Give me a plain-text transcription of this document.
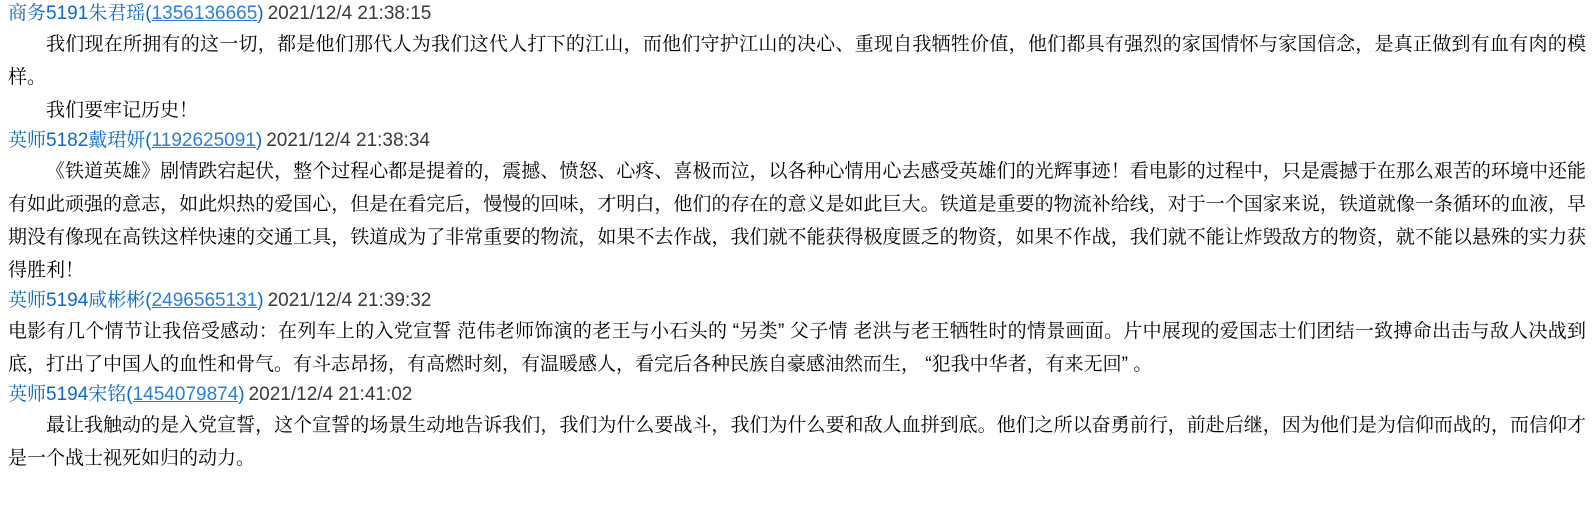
商务5191朱君瑶(1356136665) 2021/12/4 21:38:15

我们现在所拥有的这一切，都是他们那代人为我们这代人打下的江山，而他们守护江山的决心、重现自我牺牲价值，他们都具有强烈的家国情怀与家国信念，是真正做到有血有肉的模样。

我们要牢记历史！

英师5182戴珺妍(1192625091) 2021/12/4 21:38:34

《铁道英雄》剧情跌宕起伏，整个过程心都是提着的，震撼、愤怒、心疼、喜极而泣，以各种心情用心去感受英雄们的光辉事迹！看电影的过程中，只是震撼于在那么艰苦的环境中还能有如此顽强的意志，如此炽热的爱国心，但是在看完后，慢慢的回味，才明白，他们的存在的意义是如此巨大。铁道是重要的物流补给线，对于一个国家来说，铁道就像一条循环的血液，早期没有像现在高铁这样快速的交通工具，铁道成为了非常重要的物流，如果不去作战，我们就不能获得极度匮乏的物资，如果不作战，我们就不能让炸毁敌方的物资，就不能以悬殊的实力获得胜利！

英师5194咸彬彬(2496565131) 2021/12/4 21:39:32

电影有几个情节让我倍受感动：在列车上的入党宣誓 范伟老师饰演的老王与小石头的 “另类” 父子情 老洪与老王牺牲时的情景画面。片中展现的爱国志士们团结一致搏命出击与敌人决战到底，打出了中国人的血性和骨气。有斗志昂扬，有高燃时刻，有温暖感人，看完后各种民族自豪感油然而生， “犯我中华者，有来无回” 。

英师5194宋铭(1454079874) 2021/12/4 21:41:02

最让我触动的是入党宣誓，这个宣誓的场景生动地告诉我们，我们为什么要战斗，我们为什么要和敌人血拼到底。他们之所以奋勇前行，前赴后继，因为他们是为信仰而战的，而信仰才是一个战士视死如归的动力。
